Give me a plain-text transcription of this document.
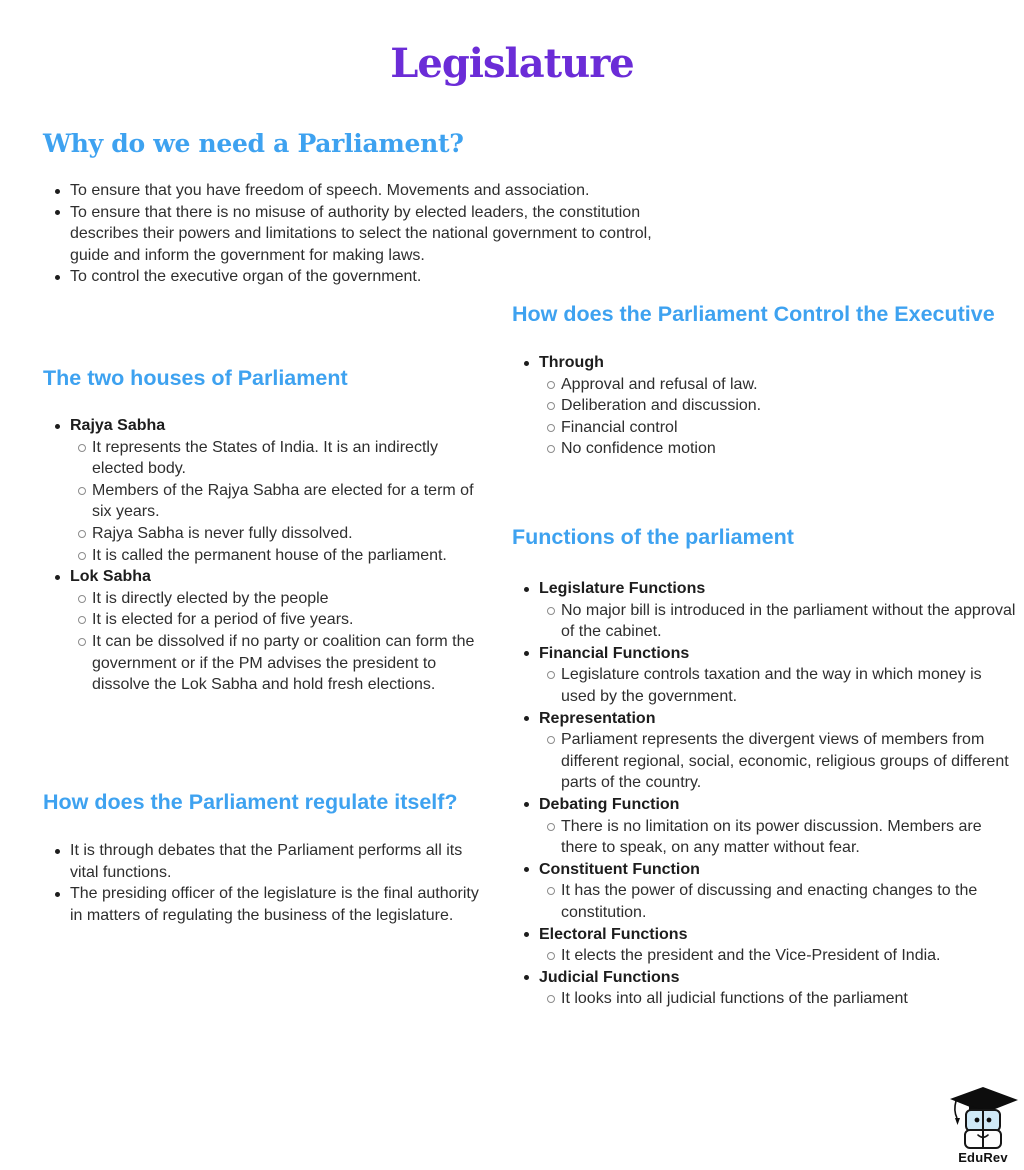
Legislature
Why do we need a Parliament?
To ensure that you have freedom of speech. Movements and association.
To ensure that there is no misuse of authority by elected leaders, the constitution describes their powers and limitations to select the national government to control, guide and inform the government for making laws.
To control the executive organ of the government.
How does the Parliament Control the Executive
Through
Approval and refusal of law.
Deliberation and discussion.
Financial control
No confidence motion
The two houses of Parliament
Rajya Sabha
It represents the States of India. It is an indirectly elected body.
Members of the Rajya Sabha are elected for a term of six years.
Rajya Sabha is never fully dissolved.
It is called the permanent house of the parliament.
Lok Sabha
It is directly elected by the people
It is elected for a period of five years.
It can be dissolved if no party or coalition can form the government or if the PM advises the president to dissolve the Lok Sabha and hold fresh elections.
Functions of the parliament
Legislature Functions
No major bill is introduced in the parliament without the approval of the cabinet.
Financial Functions
Legislature controls taxation and the way in which money is used by the government.
Representation
Parliament represents the divergent views of members from different regional, social, economic, religious groups of different parts of the country.
Debating Function
There is no limitation on its power discussion. Members are there to speak, on any matter without fear.
Constituent Function
It has the power of discussing and enacting changes to the constitution.
Electoral Functions
It elects the president and the Vice-President of India.
Judicial Functions
It looks into all judicial functions of the parliament
How does the Parliament regulate itself?
It is through debates that the Parliament performs all its vital functions.
The presiding officer of the legislature is the final authority in matters of regulating the business of the legislature.
EduRev
